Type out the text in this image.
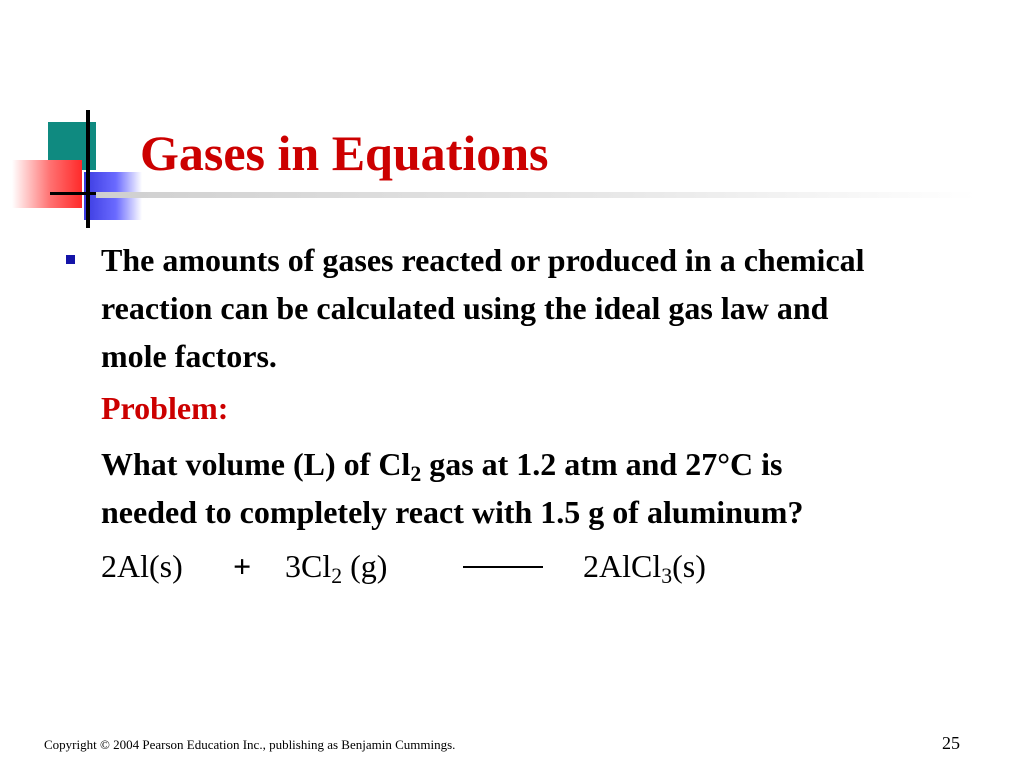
Gases in Equations

The amounts of gases reacted or produced in a chemical reaction can be calculated using the ideal gas law and mole factors.

Problem:

What volume (L) of $Cl_2$ gas at 1.2 atm and 27°C is needed to completely react with 1.5 g of aluminum?

$2Al(s) + 3Cl_2$ (g)	2AlCl$_3$(s)
Copyright © 2004 Pearson Education Inc., publishing as Benjamin Cummings.	25
